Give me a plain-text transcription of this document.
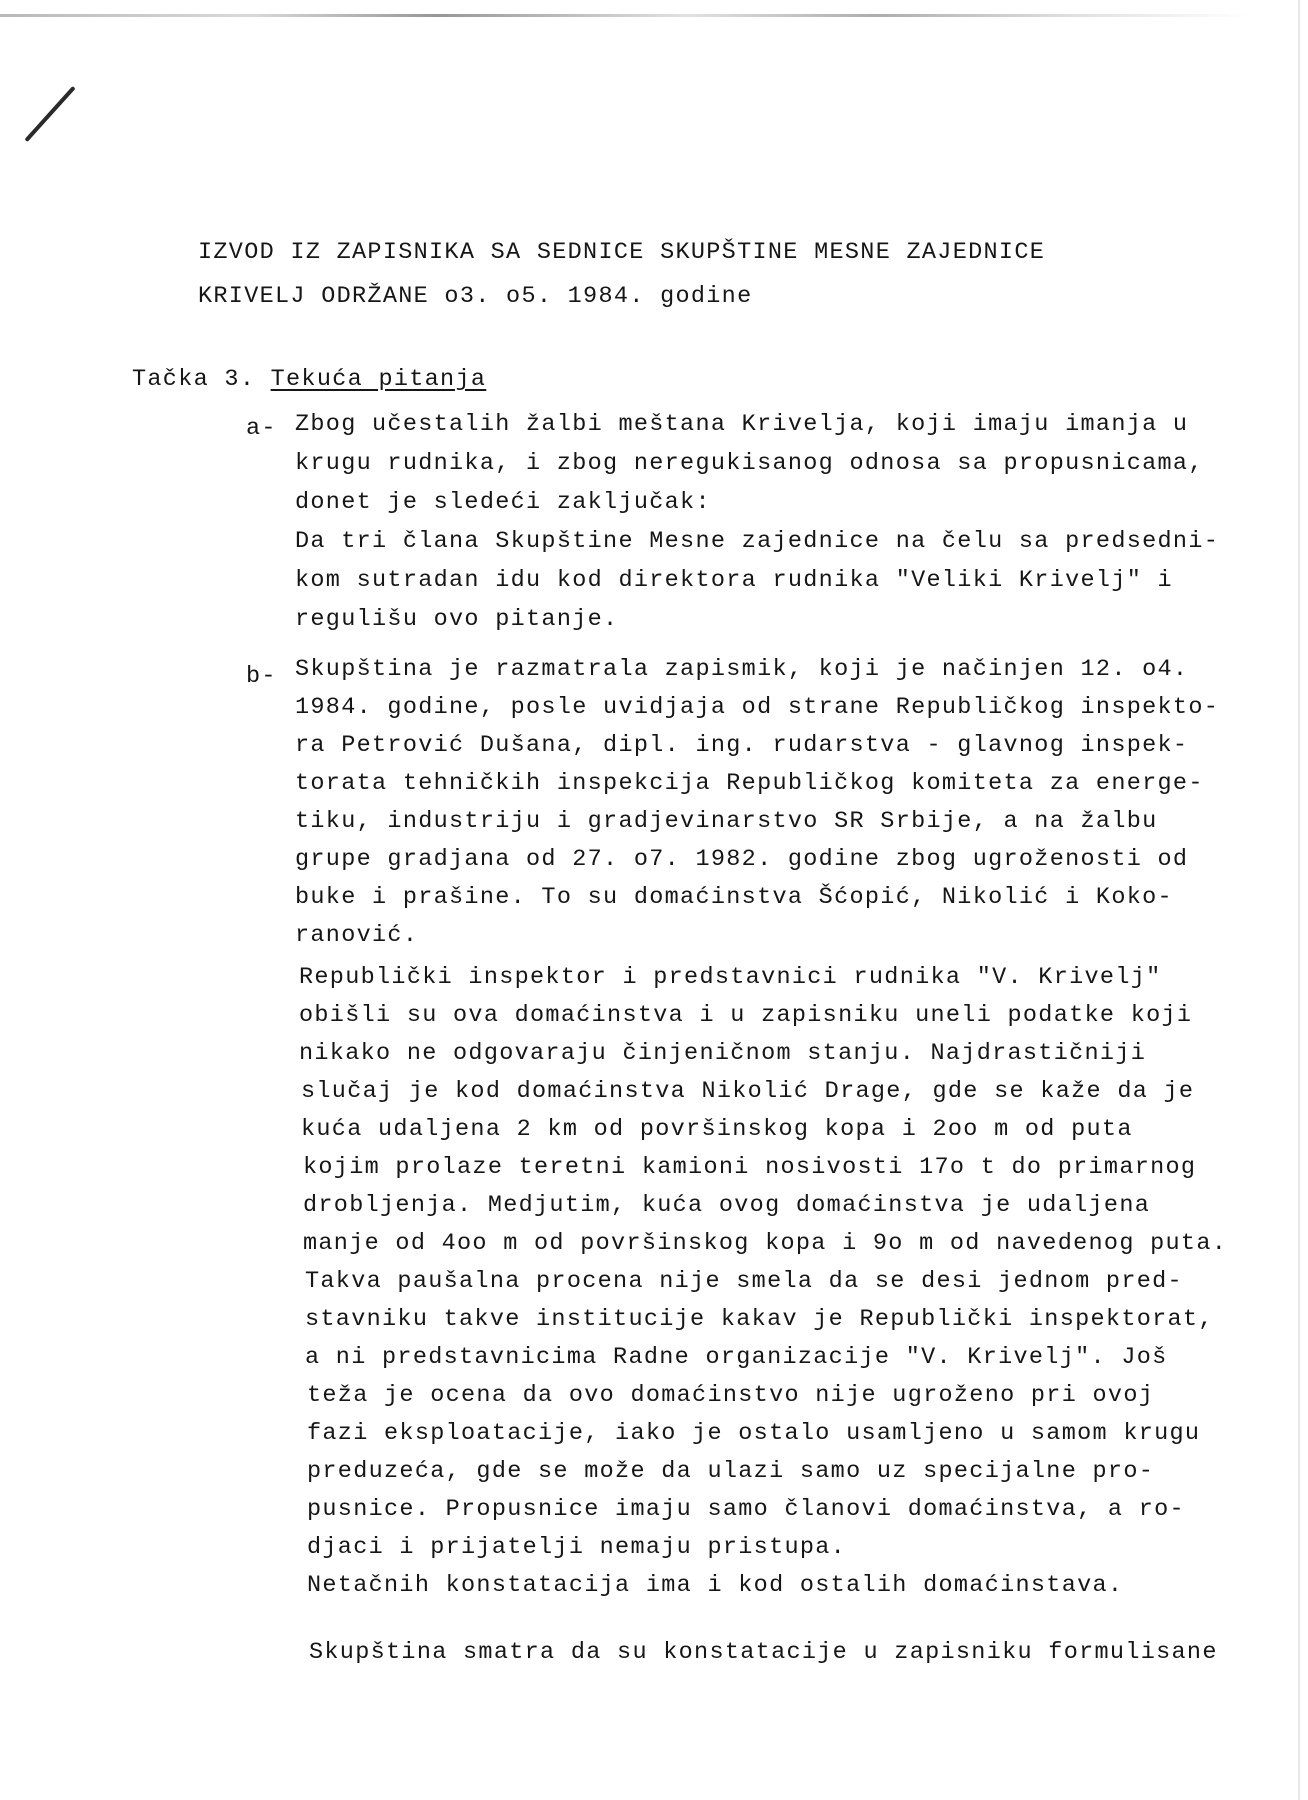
IZVOD IZ ZAPISNIKA SA SEDNICE SKUPŠTINE MESNE ZAJEDNICE
KRIVELJ ODRŽANE o3. o5. 1984. godine
Tačka 3. Tekuća pitanja
a- Zbog učestalih žalbi meštana Krivelja, koji imaju imanja u
krugu rudnika, i zbog neregukisanog odnosa sa propusnicama,
donet je sledeći zaključak:
Da tri člana Skupštine Mesne zajednice na čelu sa predsedni-
kom sutradan idu kod direktora rudnika "Veliki Krivelj" i
regulišu ovo pitanje.
b- Skupština je razmatrala zapismik, koji je načinjen 12. o4.
1984. godine, posle uvidjaja od strane Republičkog inspekto-
ra Petrović Dušana, dipl. ing. rudarstva - glavnog inspek-
torata tehničkih inspekcija Republičkog komiteta za energe-
tiku, industriju i gradjevinarstvo SR Srbije, a na žalbu
grupe gradjana od 27. o7. 1982. godine zbog ugroženosti od
buke i prašine. To su domaćinstva Šćopić, Nikolić i Koko-
ranović.
Republički inspektor i predstavnici rudnika "V. Krivelj"
obišli su ova domaćinstva i u zapisniku uneli podatke koji
nikako ne odgovaraju činjeničnom stanju. Najdrastičniji
slučaj je kod domaćinstva Nikolić Drage, gde se kaže da je
kuća udaljena 2 km od površinskog kopa i 2oo m od puta
kojim prolaze teretni kamioni nosivosti 17o t do primarnog
drobljenja. Medjutim, kuća ovog domaćinstva je udaljena
manje od 4oo m od površinskog kopa i 9o m od navedenog puta.
Takva paušalna procena nije smela da se desi jednom pred-
stavniku takve institucije kakav je Republički inspektorat,
a ni predstavnicima Radne organizacije "V. Krivelj". Još
teža je ocena da ovo domaćinstvo nije ugroženo pri ovoj
fazi eksploatacije, iako je ostalo usamljeno u samom krugu
preduzeća, gde se može da ulazi samo uz specijalne pro-
pusnice. Propusnice imaju samo članovi domaćinstva, a ro-
djaci i prijatelji nemaju pristupa.
Netačnih konstatacija ima i kod ostalih domaćinstava.
Skupština smatra da su konstatacije u zapisniku formulisane
